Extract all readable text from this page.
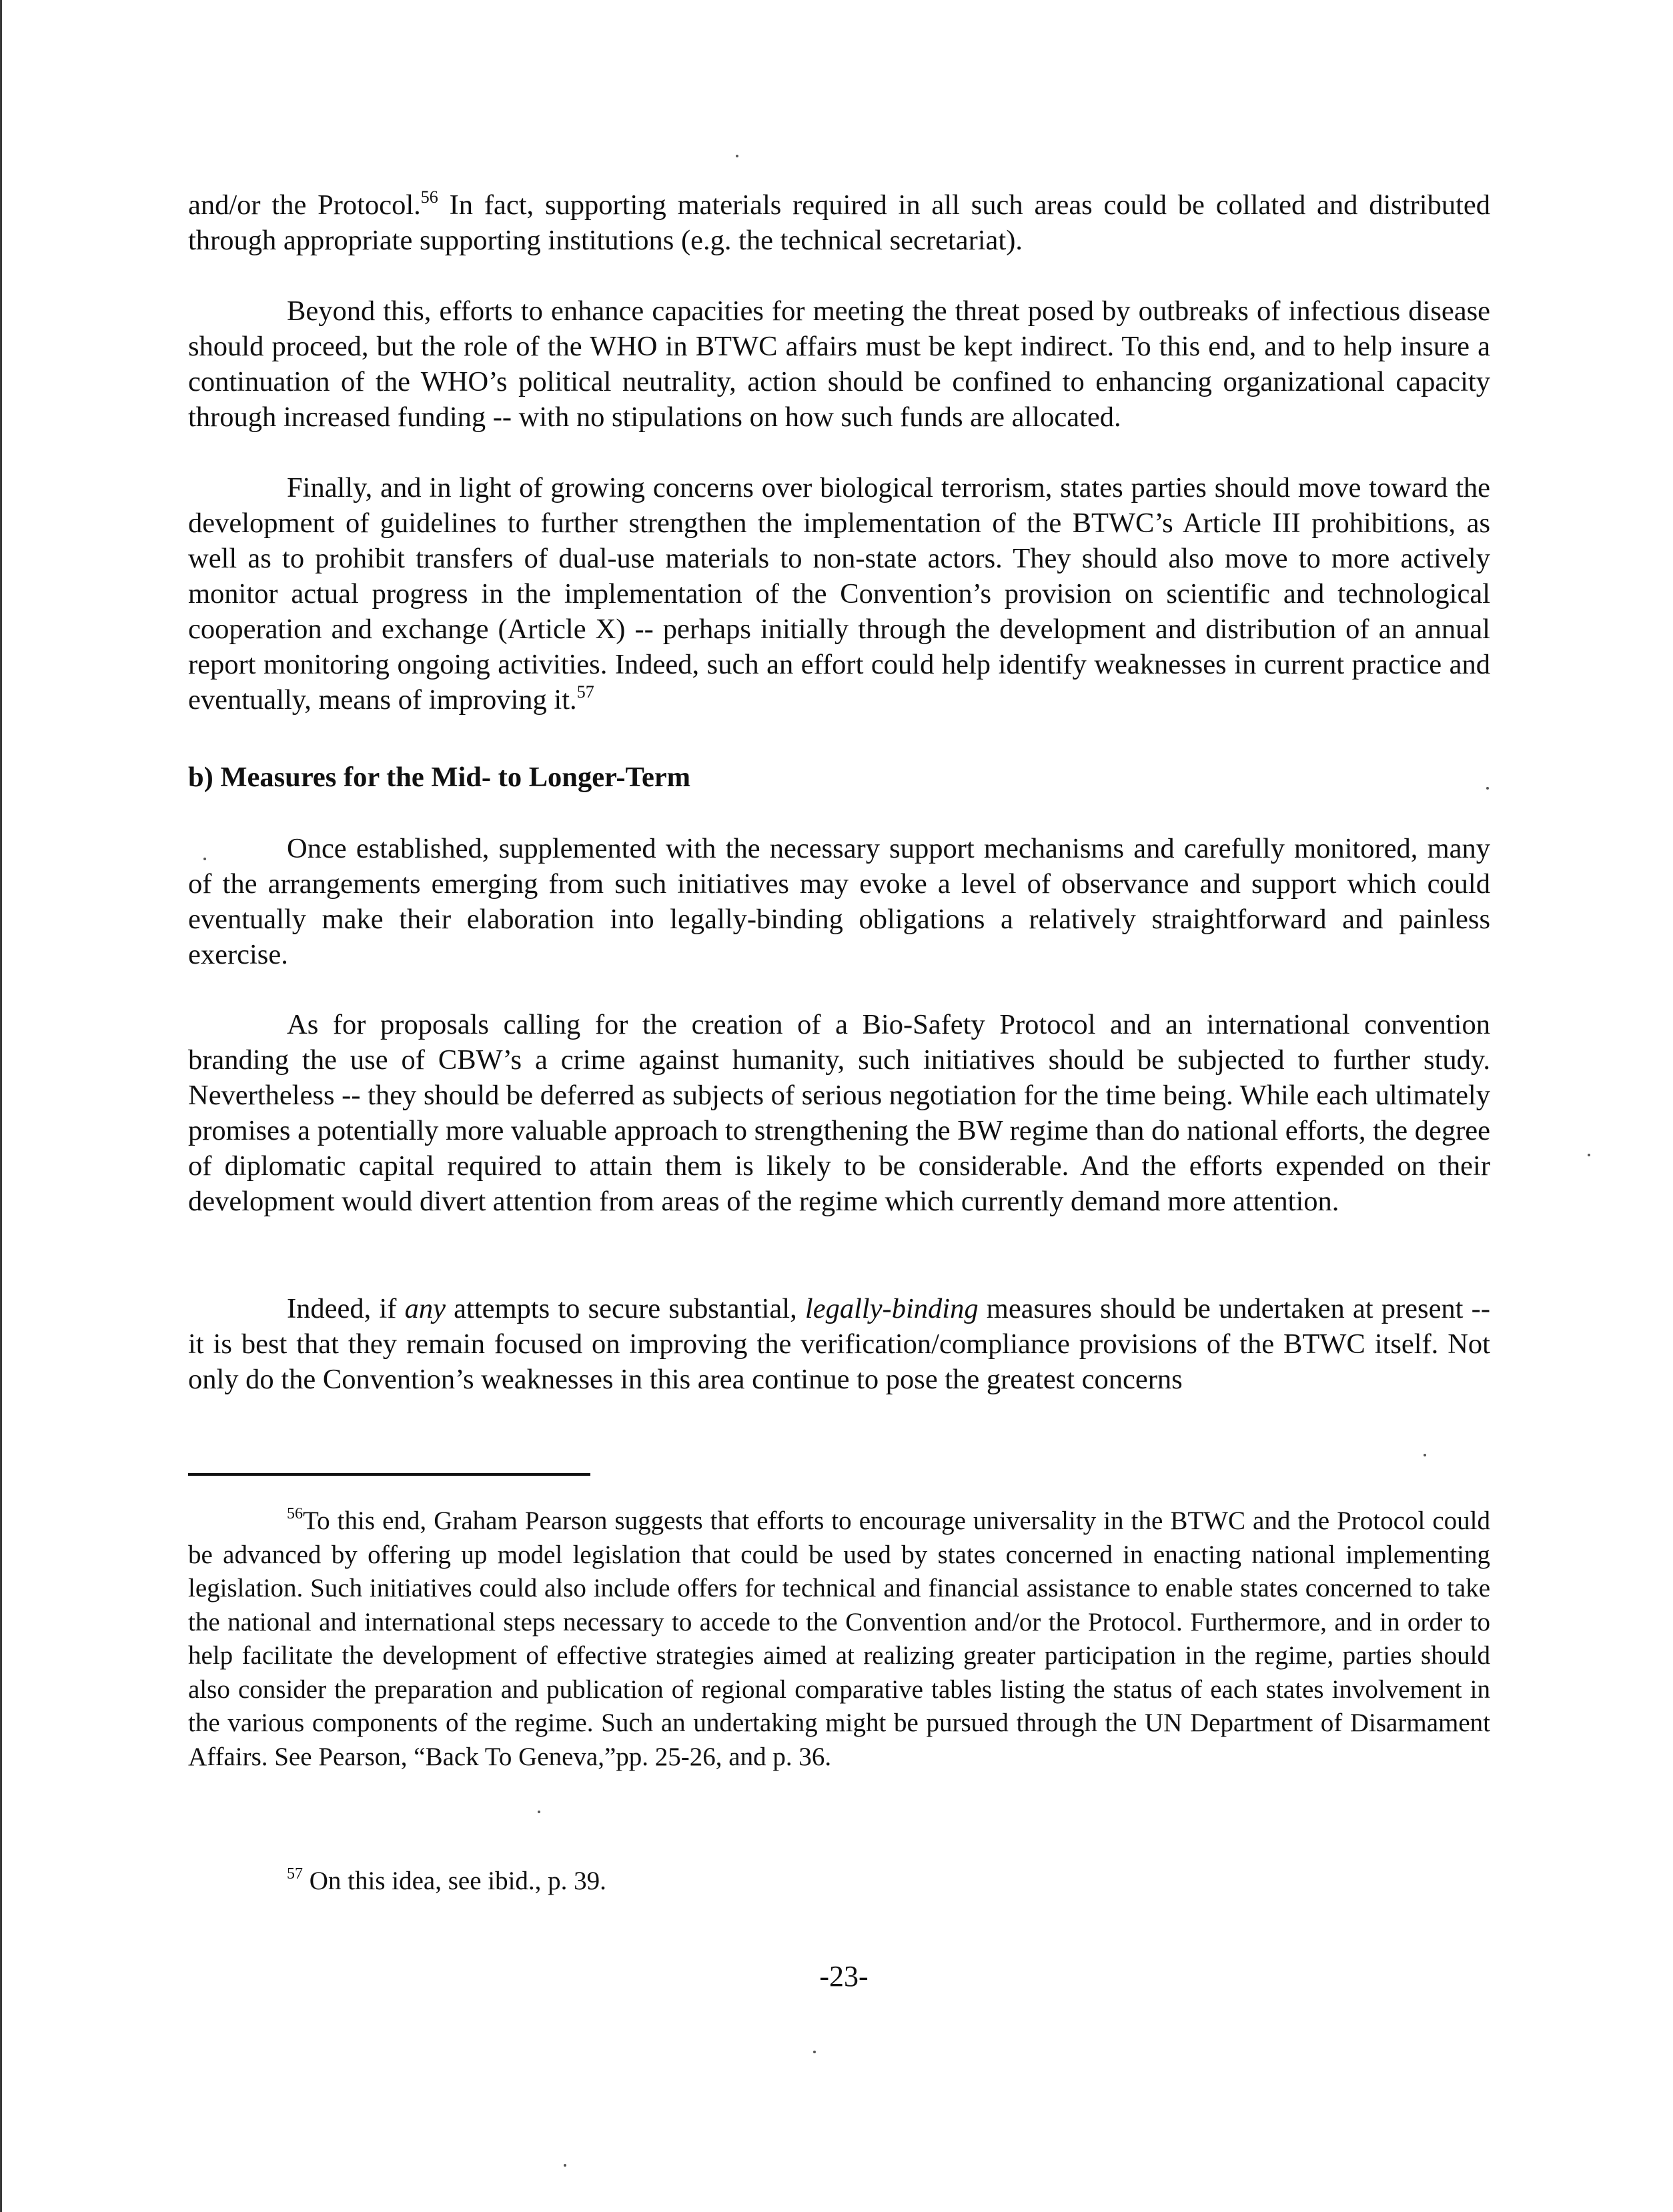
and/or the Protocol.$^{56}$ In fact, supporting materials required in all such areas could be collated and distributed through appropriate supporting institutions (e.g. the technical secretariat).

Beyond this, efforts to enhance capacities for meeting the threat posed by outbreaks of infectious disease should proceed, but the role of the WHO in BTWC affairs must be kept indirect. To this end, and to help insure a continuation of the WHO’s political neutrality, action should be confined to enhancing organizational capacity through increased funding -- with no stipulations on how such funds are allocated.

Finally, and in light of growing concerns over biological terrorism, states parties should move toward the development of guidelines to further strengthen the implementation of the BTWC’s Article III prohibitions, as well as to prohibit transfers of dual-use materials to non-state actors. They should also move to more actively monitor actual progress in the implementation of the Convention’s provision on scientific and technological cooperation and exchange (Article X) -- perhaps initially through the development and distribution of an annual report monitoring ongoing activities. Indeed, such an effort could help identify weaknesses in current practice and eventually, means of improving it.$^{57}$

b) Measures for the Mid- to Longer-Term

Once established, supplemented with the necessary support mechanisms and carefully monitored, many of the arrangements emerging from such initiatives may evoke a level of observance and support which could eventually make their elaboration into legally-binding obligations a relatively straightforward and painless exercise.

As for proposals calling for the creation of a Bio-Safety Protocol and an international convention branding the use of CBW’s a crime against humanity, such initiatives should be subjected to further study. Nevertheless -- they should be deferred as subjects of serious negotiation for the time being. While each ultimately promises a potentially more valuable approach to strengthening the BW regime than do national efforts, the degree of diplomatic capital required to attain them is likely to be considerable. And the efforts expended on their development would divert attention from areas of the regime which currently demand more attention.

Indeed, if any attempts to secure substantial, legally-binding measures should be undertaken at present -- it is best that they remain focused on improving the verification/compliance provisions of the BTWC itself. Not only do the Convention’s weaknesses in this area continue to pose the greatest concerns

$^{56}$To this end, Graham Pearson suggests that efforts to encourage universality in the BTWC and the Protocol could be advanced by offering up model legislation that could be used by states concerned in enacting national implementing legislation. Such initiatives could also include offers for technical and financial assistance to enable states concerned to take the national and international steps necessary to accede to the Convention and/or the Protocol. Furthermore, and in order to help facilitate the development of effective strategies aimed at realizing greater participation in the regime, parties should also consider the preparation and publication of regional comparative tables listing the status of each states involvement in the various components of the regime. Such an undertaking might be pursued through the UN Department of Disarmament Affairs. See Pearson, “Back To Geneva,”pp. 25-26, and p. 36.

$^{57}$ On this idea, see ibid., p. 39.

-23-
